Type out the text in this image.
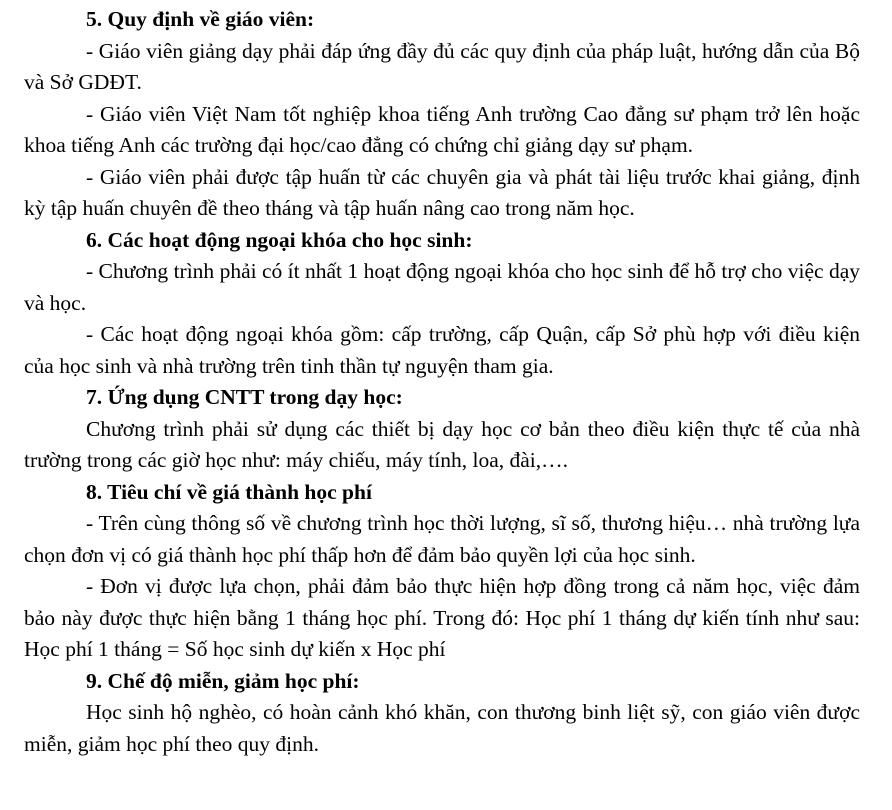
5. Quy định về giáo viên:

- Giáo viên giảng dạy phải đáp ứng đầy đủ các quy định của pháp luật, hướng dẫn của Bộ và Sở GDĐT.

- Giáo viên Việt Nam tốt nghiệp khoa tiếng Anh trường Cao đẳng sư phạm trở lên hoặc khoa tiếng Anh các trường đại học/cao đẳng có chứng chỉ giảng dạy sư phạm.

- Giáo viên phải được tập huấn từ các chuyên gia và phát tài liệu trước khai giảng, định kỳ tập huấn chuyên đề theo tháng và tập huấn nâng cao trong năm học.

6. Các hoạt động ngoại khóa cho học sinh:

- Chương trình phải có ít nhất 1 hoạt động ngoại khóa cho học sinh để hỗ trợ cho việc dạy và học.

- Các hoạt động ngoại khóa gồm: cấp trường, cấp Quận, cấp Sở phù hợp với điều kiện của học sinh và nhà trường trên tinh thần tự nguyện tham gia.

7. Ứng dụng CNTT trong dạy học:

Chương trình phải sử dụng các thiết bị dạy học cơ bản theo điều kiện thực tế của nhà trường trong các giờ học như: máy chiếu, máy tính, loa, đài,….

8. Tiêu chí về giá thành học phí

- Trên cùng thông số về chương trình học thời lượng, sĩ số, thương hiệu… nhà trường lựa chọn đơn vị có giá thành học phí thấp hơn để đảm bảo quyền lợi của học sinh.

- Đơn vị được lựa chọn, phải đảm bảo thực hiện hợp đồng trong cả năm học, việc đảm bảo này được thực hiện bằng 1 tháng học phí. Trong đó: Học phí 1 tháng dự kiến tính như sau: Học phí 1 tháng = Số học sinh dự kiến x Học phí

9. Chế độ miễn, giảm học phí:

Học sinh hộ nghèo, có hoàn cảnh khó khăn, con thương binh liệt sỹ, con giáo viên được miễn, giảm học phí theo quy định.
